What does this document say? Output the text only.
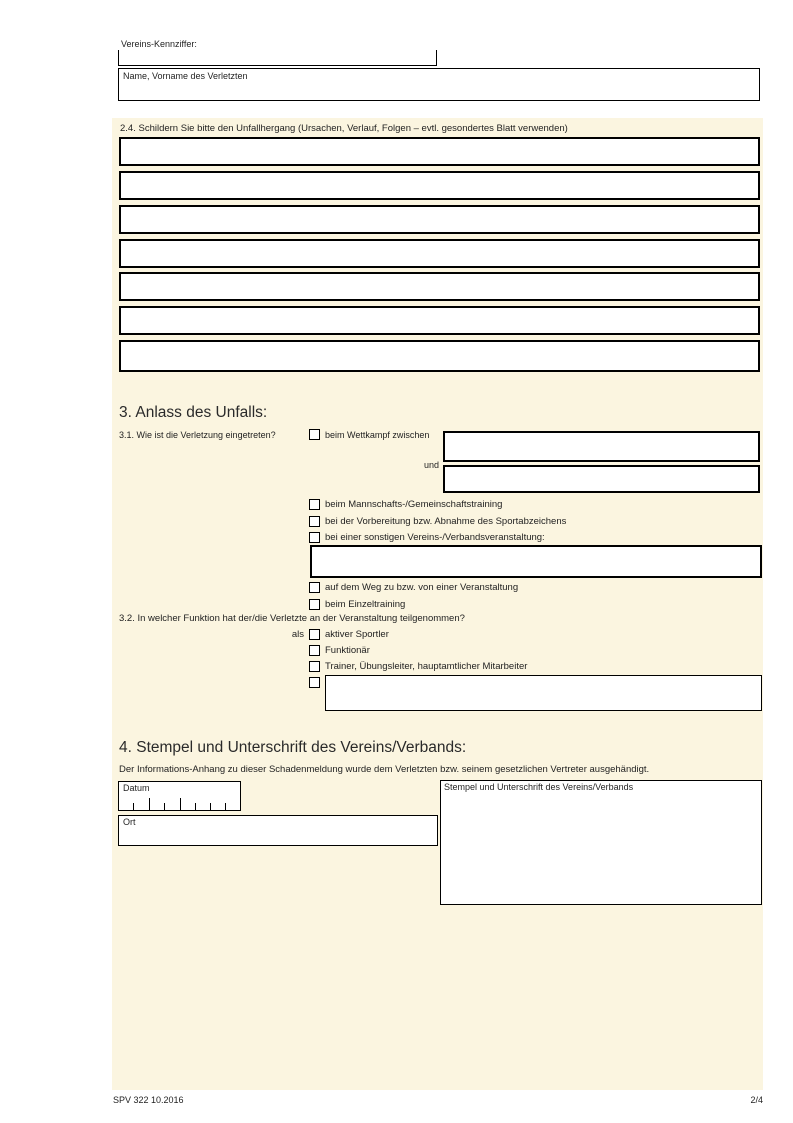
Vereins-Kennziffer:
Name, Vorname des Verletzten
2.4. Schildern Sie bitte den Unfallhergang (Ursachen, Verlauf, Folgen – evtl. gesondertes Blatt verwenden)
3. Anlass des Unfalls:
3.1. Wie ist die Verletzung eingetreten?	beim Wettkampf zwischen
und
beim Mannschafts-/Gemeinschaftstraining
bei der Vorbereitung bzw. Abnahme des Sportabzeichens
bei einer sonstigen Vereins-/Verbandsveranstaltung:
auf dem Weg zu bzw. von einer Veranstaltung
beim Einzeltraining
3.2. In welcher Funktion hat der/die Verletzte an der Veranstaltung teilgenommen?
als aktiver Sportler
Funktionär
Trainer, Übungsleiter, hauptamtlicher Mitarbeiter
4. Stempel und Unterschrift des Vereins/Verbands:
Der Informations-Anhang zu dieser Schadenmeldung wurde dem Verletzten bzw. seinem gesetzlichen Vertreter ausgehändigt.
Datum
Ort
Stempel und Unterschrift des Vereins/Verbands
SPV 322 10.2016	2/4
